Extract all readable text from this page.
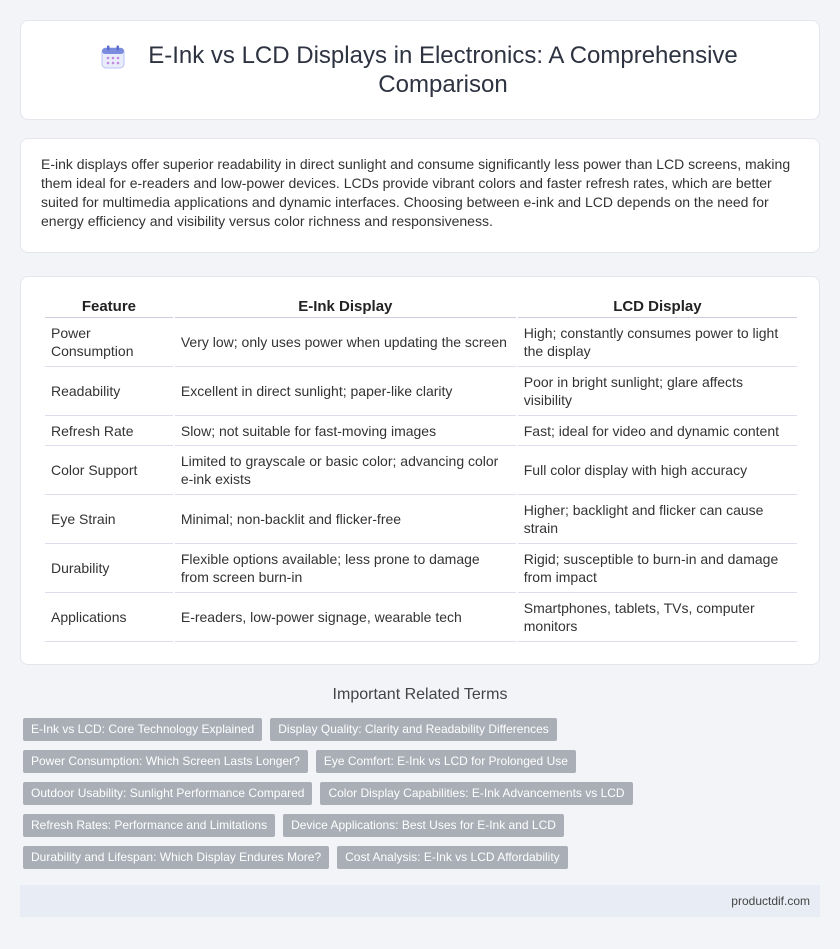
E-Ink vs LCD Displays in Electronics: A Comprehensive Comparison

E-ink displays offer superior readability in direct sunlight and consume significantly less power than LCD screens, making them ideal for e-readers and low-power devices. LCDs provide vibrant colors and faster refresh rates, which are better suited for multimedia applications and dynamic interfaces. Choosing between e-ink and LCD depends on the need for energy efficiency and visibility versus color richness and responsiveness.

Feature	E-Ink Display	LCD Display
Power Consumption	Very low; only uses power when updating the screen	High; constantly consumes power to light the display
Readability	Excellent in direct sunlight; paper-like clarity	Poor in bright sunlight; glare affects visibility
Refresh Rate	Slow; not suitable for fast-moving images	Fast; ideal for video and dynamic content
Color Support	Limited to grayscale or basic color; advancing color e-ink exists	Full color display with high accuracy
Eye Strain	Minimal; non-backlit and flicker-free	Higher; backlight and flicker can cause strain
Durability	Flexible options available; less prone to damage from screen burn-in	Rigid; susceptible to burn-in and damage from impact
Applications	E-readers, low-power signage, wearable tech	Smartphones, tablets, TVs, computer monitors
Important Related Terms
E-Ink vs LCD: Core Technology Explained	Display Quality: Clarity and Readability Differences
Power Consumption: Which Screen Lasts Longer?	Eye Comfort: E-Ink vs LCD for Prolonged Use
Outdoor Usability: Sunlight Performance Compared	Color Display Capabilities: E-Ink Advancements vs LCD
Refresh Rates: Performance and Limitations	Device Applications: Best Uses for E-Ink and LCD
Durability and Lifespan: Which Display Endures More?	Cost Analysis: E-Ink vs LCD Affordability
productdif.com
